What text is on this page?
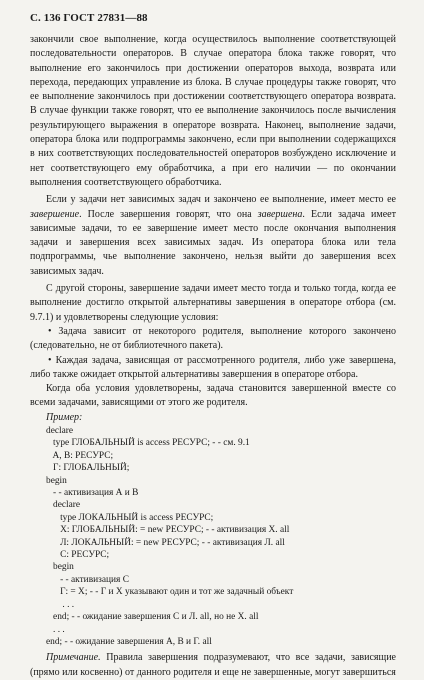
С. 136 ГОСТ 27831—88

закончили свое выполнение, когда осуществилось выполнение соответствующей последовательности операторов. В случае оператора блока также говорят, что выполнение его закончилось при достижении операторов выхода, возврата или перехода, передающих управление из блока. В случае процедуры также говорят, что ее выполнение закончилось при достижении соответствующего оператора возврата. В случае функции также говорят, что ее выполнение закончилось после вычисления результирующего выражения в операторе возврата. Наконец, выполнение задачи, оператора блока или подпрограммы закончено, если при выполнении содержащихся в них соответствующих последовательностей операторов возбуждено исключение и нет соответствующего ему обработчика, а при его наличии — по окончании выполнения соответствующего обработчика.

Если у задачи нет зависимых задач и закончено ее выполнение, имеет место ее завершение. После завершения говорят, что она завершена. Если задача имеет зависимые задачи, то ее завершение имеет место после окончания выполнения задачи и завершения всех зависимых задач. Из оператора блока или тела подпрограммы, чье выполнение закончено, нельзя выйти до завершения всех зависимых задач.

С другой стороны, завершение задачи имеет место тогда и только тогда, когда ее выполнение достигло открытой альтернативы завершения в операторе отбора (см. 9.7.1) и удовлетворены следующие условия:

• Задача зависит от некоторого родителя, выполнение которого закончено (следовательно, не от библиотечного пакета).

• Каждая задача, зависящая от рассмотренного родителя, либо уже завершена, либо также ожидает открытой альтернативы завершения в операторе отбора.

Когда оба условия удовлетворены, задача становится завершенной вместе со всеми задачами, зависящими от этого же родителя.

Пример:
declare
type ГЛОБАЛЬНЫЙ is access РЕСУРС; - - см. 9.1
A, B: РЕСУРС;
Г: ГЛОБАЛЬНЫЙ;
begin
- - активизация А и В
declare
type ЛОКАЛЬНЫЙ is access РЕСУРС;
X: ГЛОБАЛЬНЫЙ: = new РЕСУРС; - - активизация X. all
Л: ЛОКАЛЬНЫЙ: = new РЕСУРС; - - активизация Л. all
C: РЕСУРС;
begin
- - активизация C
Г: = X; - - Г и X указывают один и тот же задачный объект
. . .
end; - - ожидание завершения С и Л. all, но не X. all
. . .
end; - - ожидание завершения А, В и Г. all

Примечание. Правила завершения подразумевают, что все задачи, зависящие (прямо или косвенно) от данного родителя и еще не завершенные, могут завершиться
